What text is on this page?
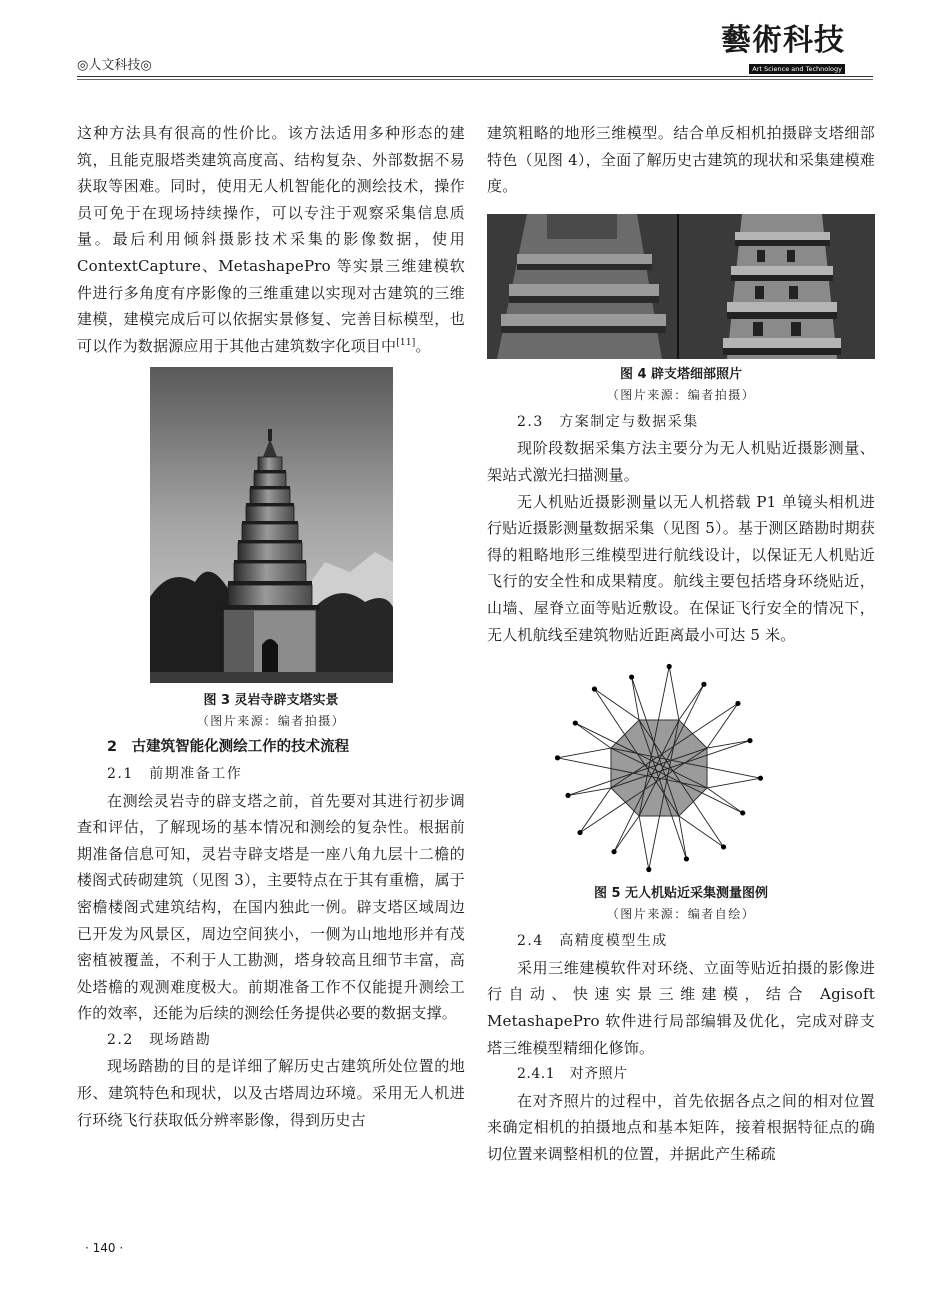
◎人文科技◎
藝術科技
Art Science and Technology

这种方法具有很高的性价比。该方法适用多种形态的建筑，且能克服塔类建筑高度高、结构复杂、外部数据不易获取等困难。同时，使用无人机智能化的测绘技术，操作员可免于在现场持续操作，可以专注于观察采集信息质量。最后利用倾斜摄影技术采集的影像数据，使用 ContextCapture、MetashapePro 等实景三维建模软件进行多角度有序影像的三维重建以实现对古建筑的三维建模，建模完成后可以依据实景修复、完善目标模型，也可以作为数据源应用于其他古建筑数字化项目中[11]。

图 3 灵岩寺辟支塔实景
（图片来源：编者拍摄）
2　古建筑智能化测绘工作的技术流程
2.1　前期准备工作

在测绘灵岩寺的辟支塔之前，首先要对其进行初步调查和评估，了解现场的基本情况和测绘的复杂性。根据前期准备信息可知，灵岩寺辟支塔是一座八角九层十二檐的楼阁式砖砌建筑（见图 3），主要特点在于其有重檐，属于密檐楼阁式建筑结构，在国内独此一例。辟支塔区域周边已开发为风景区，周边空间狭小，一侧为山地地形并有茂密植被覆盖，不利于人工勘测，塔身较高且细节丰富，高处塔檐的观测难度极大。前期准备工作不仅能提升测绘工作的效率，还能为后续的测绘任务提供必要的数据支撑。

2.2　现场踏勘

现场踏勘的目的是详细了解历史古建筑所处位置的地形、建筑特色和现状，以及古塔周边环境。采用无人机进行环绕飞行获取低分辨率影像，得到历史古

建筑粗略的地形三维模型。结合单反相机拍摄辟支塔细部特色（见图 4），全面了解历史古建筑的现状和采集建模难度。

图 4 辟支塔细部照片
（图片来源：编者拍摄）
2.3　方案制定与数据采集

现阶段数据采集方法主要分为无人机贴近摄影测量、架站式激光扫描测量。

无人机贴近摄影测量以无人机搭载 P1 单镜头相机进行贴近摄影测量数据采集（见图 5）。基于测区踏勘时期获得的粗略地形三维模型进行航线设计，以保证无人机贴近飞行的安全性和成果精度。航线主要包括塔身环绕贴近，山墙、屋脊立面等贴近敷设。在保证飞行安全的情况下，无人机航线至建筑物贴近距离最小可达 5 米。

图 5 无人机贴近采集测量图例
（图片来源：编者自绘）
2.4　高精度模型生成

采用三维建模软件对环绕、立面等贴近拍摄的影像进行自动、快速实景三维建模，结合 Agisoft MetashapePro 软件进行局部编辑及优化，完成对辟支塔三维模型精细化修饰。

2.4.1　对齐照片

在对齐照片的过程中，首先依据各点之间的相对位置来确定相机的拍摄地点和基本矩阵，接着根据特征点的确切位置来调整相机的位置，并据此产生稀疏

· 140 ·
